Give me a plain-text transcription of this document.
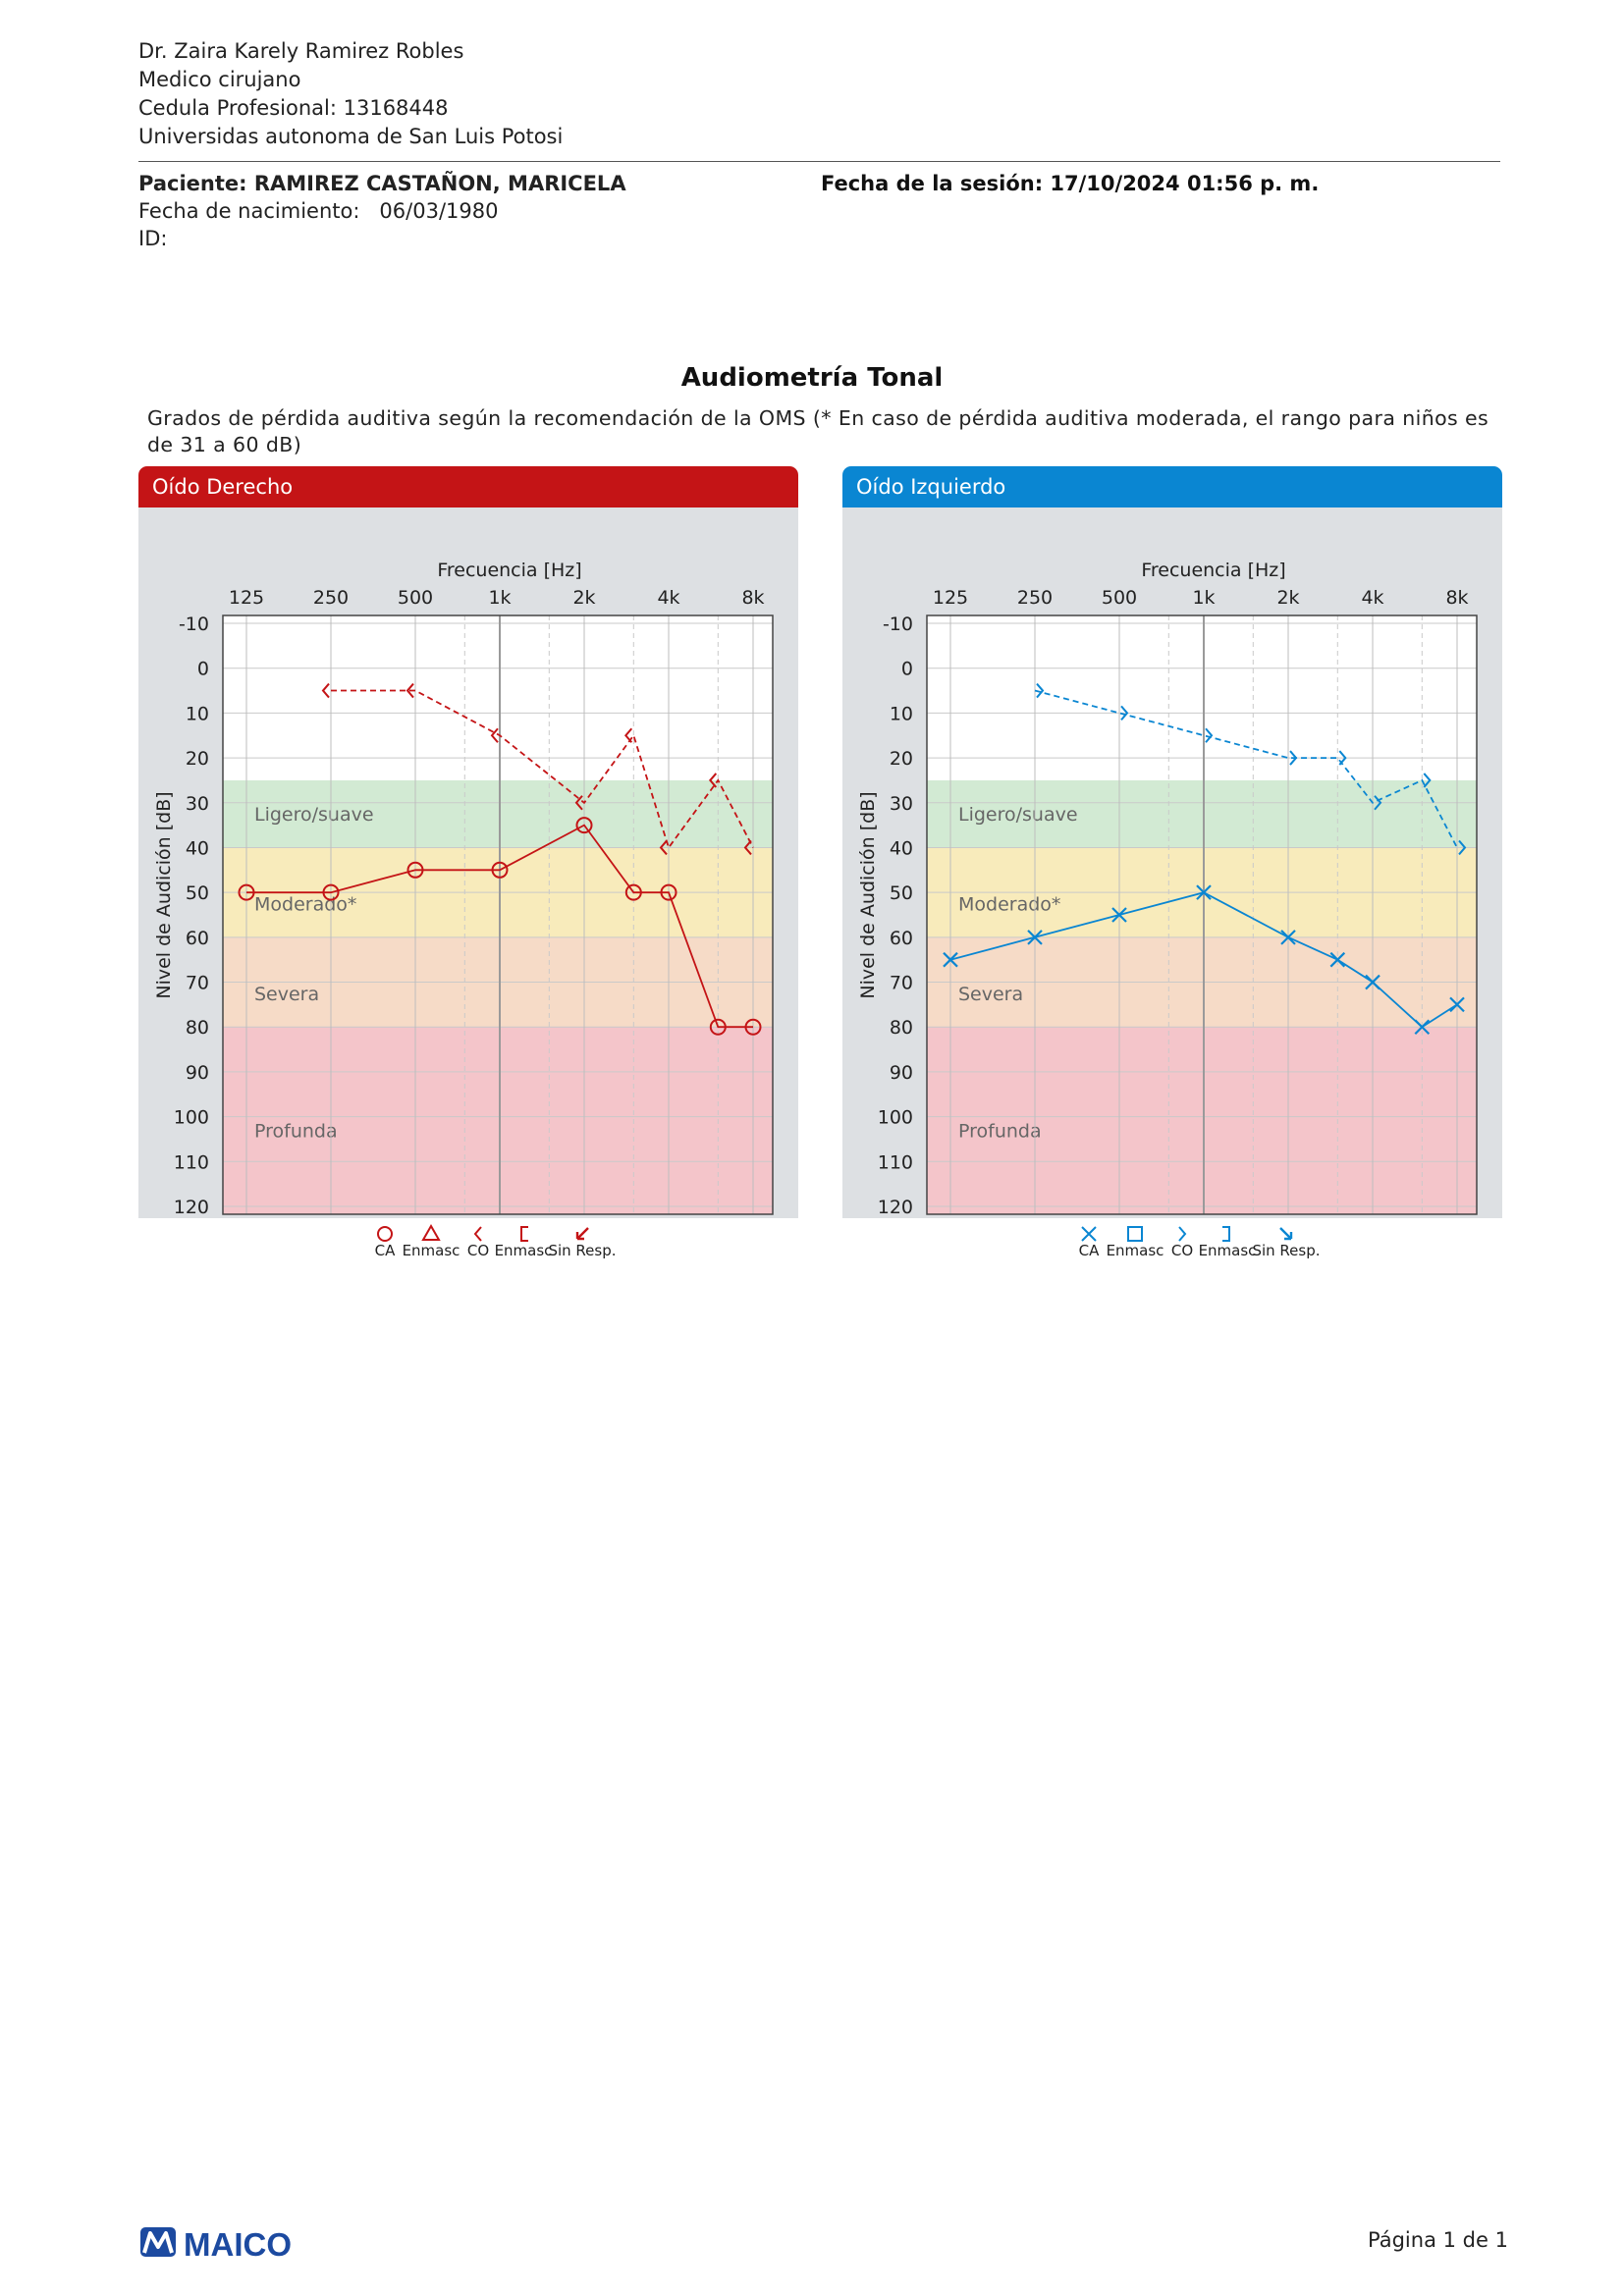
Dr. Zaira Karely Ramirez Robles
Medico cirujano
Cedula Profesional: 13168448
Universidas autonoma de San Luis Potosi
Paciente: RAMIREZ CASTAÑON, MARICELA
Fecha de nacimiento: 06/03/1980
ID:
Fecha de la sesión: 17/10/2024 01:56 p. m.
Audiometría Tonal
Grados de pérdida auditiva según la recomendación de la OMS (* En caso de pérdida auditiva moderada, el rango para niños es de 31 a 60 dB)
Oído Derecho
Ligero/suave
Moderado*
Severa
Profunda
-10
0
10
20
30
40
50
60
70
80
90
100
110
120
125	250	500	1k	2k	4k	8k
Frecuencia [Hz]
Nivel de Audición [dB]
CA Enmasc CO Enmasc
Sin Resp.
Oído Izquierdo
Ligero/suave
Moderado*
Severa
Profunda
-10
0
10
20
30
40
50
60
70
80
90
100
110
120
125	250	500	1k	2k	4k	8k
Frecuencia [Hz]
Nivel de Audición [dB]
CA Enmasc CO Enmasc
Sin Resp.
MAICO	Página 1 de 1
